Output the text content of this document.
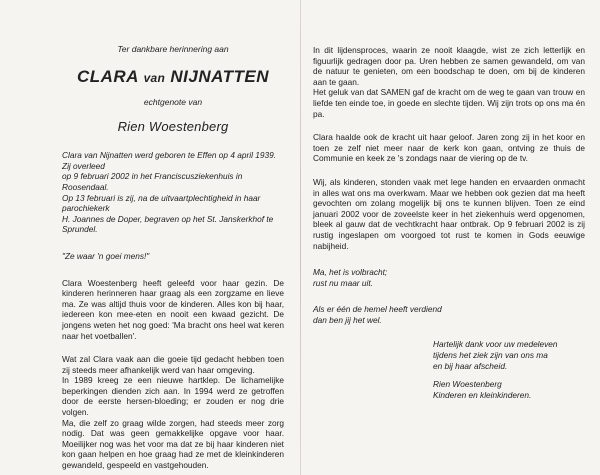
Ter dankbare herinnering aan
CLARA van NIJNATTEN
echtgenote van
Rien Woestenberg
Clara van Nijnatten werd geboren te Effen op 4 april 1939. Zij overleed
op 9 februari 2002 in het Franciscusziekenhuis in Roosendaal.
Op 13 februari is zij, na de uitvaartplechtigheid in haar parochiekerk
H. Joannes de Doper, begraven op het St. Janskerkhof te Sprundel.
"Ze waar 'n goei mens!"

Clara Woestenberg heeft geleefd voor haar gezin. De kinderen herinneren haar graag als een zorgzame en lieve ma. Ze was altijd thuis voor de kinderen. Alles kon bij haar, iedereen kon mee-eten en nooit een kwaad gezicht. De jongens weten het nog goed: 'Ma bracht ons heel wat keren naar het voetballen'.

Wat zal Clara vaak aan die goeie tijd gedacht hebben toen zij steeds meer afhankelijk werd van haar omgeving.

In 1989 kreeg ze een nieuwe hartklep. De lichamelijke beperkingen dienden zich aan. In 1994 werd ze getroffen door de eerste hersen-bloeding; er zouden er nog drie volgen.

Ma, die zelf zo graag wilde zorgen, had steeds meer zorg nodig. Dat was geen gemakkelijke opgave voor haar. Moeilijker nog was het voor ma dat ze bij haar kinderen niet kon gaan helpen en hoe graag had ze met de kleinkinderen gewandeld, gespeeld en vastgehouden.

In dit lijdensproces, waarin ze nooit klaagde, wist ze zich letterlijk en figuurlijk gedragen door pa. Uren hebben ze samen gewandeld, om van de natuur te genieten, om een boodschap te doen, om bij de kinderen aan te gaan.

Het geluk van dat SAMEN gaf de kracht om de weg te gaan van trouw en liefde ten einde toe, in goede en slechte tijden. Wij zijn trots op ons ma én pa.

Clara haalde ook de kracht uit haar geloof. Jaren zong zij in het koor en toen ze zelf niet meer naar de kerk kon gaan, ontving ze thuis de Communie en keek ze 's zondags naar de viering op de tv.

Wij, als kinderen, stonden vaak met lege handen en ervaarden onmacht in alles wat ons ma overkwam. Maar we hebben ook gezien dat ma heeft gevochten om zolang mogelijk bij ons te kunnen blijven. Toen ze eind januari 2002 voor de zoveelste keer in het ziekenhuis werd opgenomen, bleek al gauw dat de vechtkracht haar ontbrak. Op 9 februari 2002 is zij rustig ingeslapen om voorgoed tot rust te komen in Gods eeuwige nabijheid.

Ma, het is volbracht;
rust nu maar uit.
Als er één de hemel heeft verdiend
dan ben jij het wel.
Hartelijk dank voor uw medeleven
tijdens het ziek zijn van ons ma
en bij haar afscheid.
Rien Woestenberg
Kinderen en kleinkinderen.
